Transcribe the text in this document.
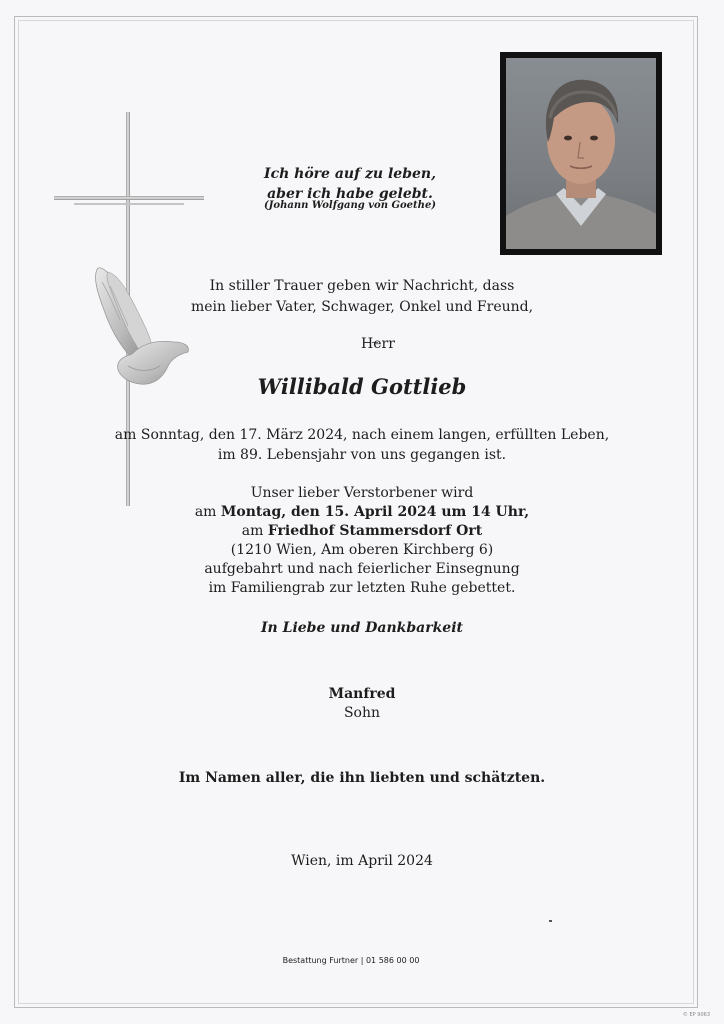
Ich höre auf zu leben,
aber ich habe gelebt.
(Johann Wolfgang von Goethe)
In stiller Trauer geben wir Nachricht, dass
mein lieber Vater, Schwager, Onkel und Freund,
Herr
Willibald Gottlieb
am Sonntag, den 17. März 2024, nach einem langen, erfüllten Leben,
im 89. Lebensjahr von uns gegangen ist.
Unser lieber Verstorbener wird
am Montag, den 15. April 2024 um 14 Uhr,
am Friedhof Stammersdorf Ort
(1210 Wien, Am oberen Kirchberg 6)
aufgebahrt und nach feierlicher Einsegnung
im Familiengrab zur letzten Ruhe gebettet.
In Liebe und Dankbarkeit
Manfred
Sohn
Im Namen aller, die ihn liebten und schätzten.
Wien, im April 2024
Bestattung Furtner | 01 586 00 00
© EP 9063
